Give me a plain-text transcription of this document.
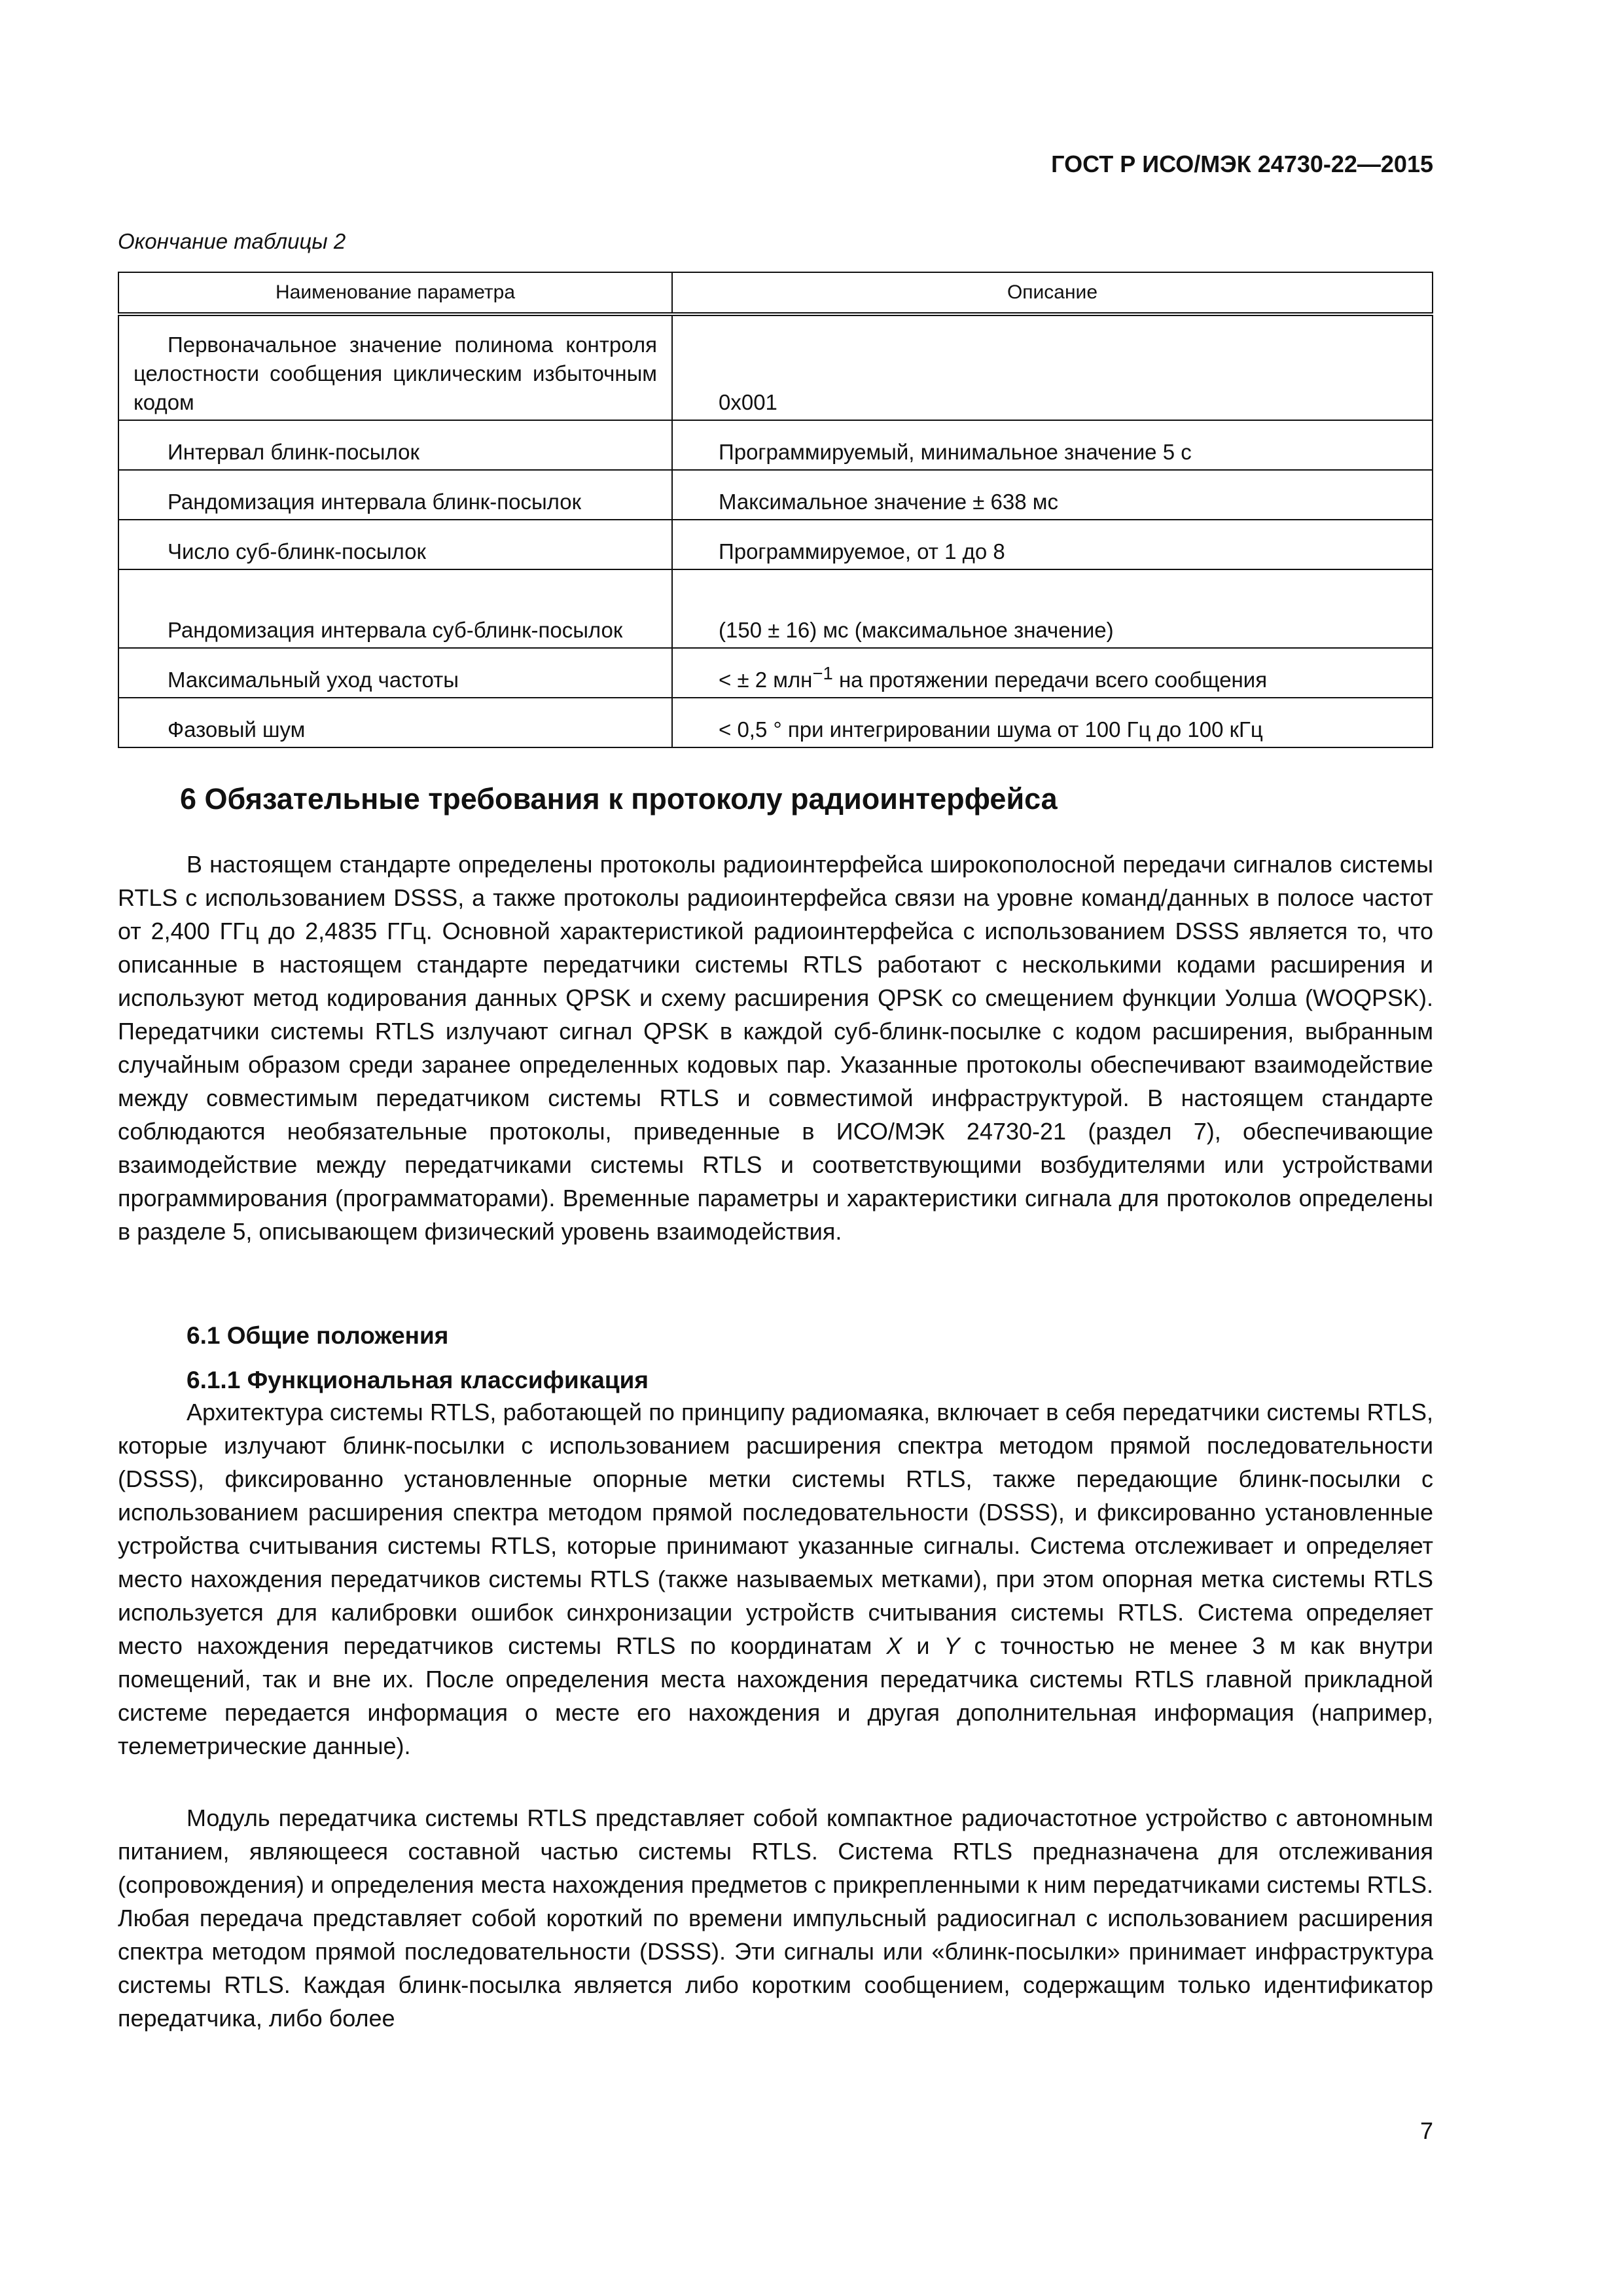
ГОСТ Р ИСО/МЭК 24730-22—2015
Окончание таблицы 2
Наименование параметра	Описание
Первоначальное значение полинома контроля целостности сообщения циклическим избыточным кодом	0x001
Интервал блинк-посылок	Программируемый, минимальное значение 5 с
Рандомизация интервала блинк-посылок	Максимальное значение ± 638 мс
Число суб-блинк-посылок	Программируемое, от 1 до 8
Рандомизация интервала суб-блинк-посылок	(150 ± 16) мс (максимальное значение)
Максимальный уход частоты	< ± 2 млн$^{-1}$ на протяжении передачи всего сообщения
Фазовый шум	< 0,5 ° при интегрировании шума от 100 Гц до 100 кГц
6 Обязательные требования к протоколу радиоинтерфейса

В настоящем стандарте определены протоколы радиоинтерфейса широкополосной передачи сигналов системы RTLS с использованием DSSS, а также протоколы радиоинтерфейса связи на уровне команд/данных в полосе частот от 2,400 ГГц до 2,4835 ГГц. Основной характеристикой радиоинтерфейса с использованием DSSS является то, что описанные в настоящем стандарте передатчики системы RTLS работают с несколькими кодами расширения и используют метод кодирования данных QPSK и схему расширения QPSK со смещением функции Уолша (WOQPSK). Передатчики системы RTLS излучают сигнал QPSK в каждой суб-блинк-посылке с кодом расширения, выбранным случайным образом среди заранее определенных кодовых пар. Указанные протоколы обеспечивают взаимодействие между совместимым передатчиком системы RTLS и совместимой инфраструктурой. В настоящем стандарте соблюдаются необязательные протоколы, приведенные в ИСО/МЭК 24730-21 (раздел 7), обеспечивающие взаимодействие между передатчиками системы RTLS и соответствующими возбудителями или устройствами программирования (программаторами). Временные параметры и характеристики сигнала для протоколов определены в разделе 5, описывающем физический уровень взаимодействия.

6.1 Общие положения
6.1.1 Функциональная классификация

Архитектура системы RTLS, работающей по принципу радиомаяка, включает в себя передатчики системы RTLS, которые излучают блинк-посылки с использованием расширения спектра методом прямой последовательности (DSSS), фиксированно установленные опорные метки системы RTLS, также передающие блинк-посылки с использованием расширения спектра методом прямой последовательности (DSSS), и фиксированно установленные устройства считывания системы RTLS, которые принимают указанные сигналы. Система отслеживает и определяет место нахождения передатчиков системы RTLS (также называемых метками), при этом опорная метка системы RTLS используется для калибровки ошибок синхронизации устройств считывания системы RTLS. Система определяет место нахождения передатчиков системы RTLS по координатам X и Y с точностью не менее 3 м как внутри помещений, так и вне их. После определения места нахождения передатчика системы RTLS главной прикладной системе передается информация о месте его нахождения и другая дополнительная информация (например, телеметрические данные).

Модуль передатчика системы RTLS представляет собой компактное радиочастотное устройство с автономным питанием, являющееся составной частью системы RTLS. Система RTLS предназначена для отслеживания (сопровождения) и определения места нахождения предметов с прикрепленными к ним передатчиками системы RTLS. Любая передача представляет собой короткий по времени импульсный радиосигнал с использованием расширения спектра методом прямой последовательности (DSSS). Эти сигналы или «блинк-посылки» принимает инфраструктура системы RTLS. Каждая блинк-посылка является либо коротким сообщением, содержащим только идентификатор передатчика, либо более

7
